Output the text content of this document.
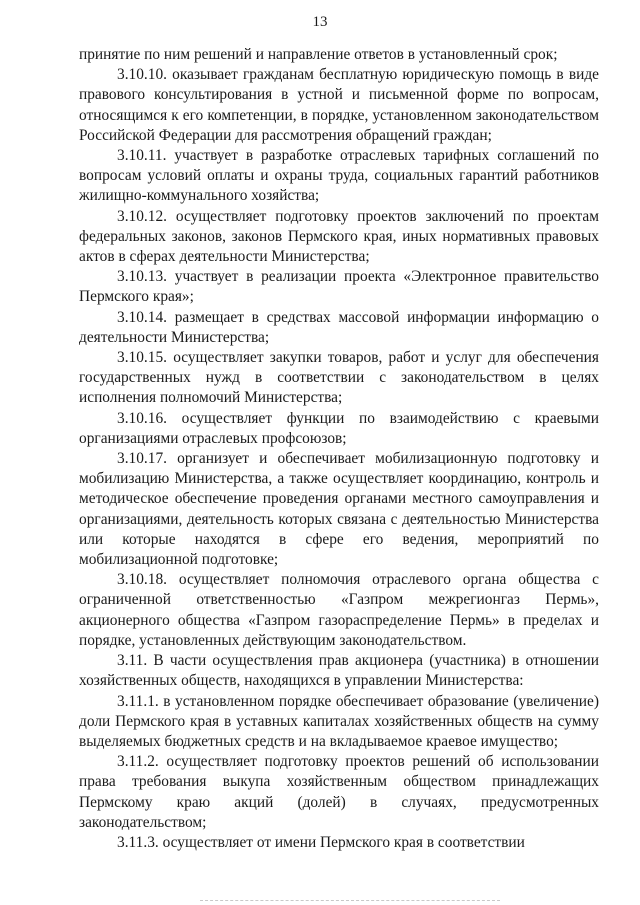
13

принятие по ним решений и направление ответов в установленный срок;

3.10.10. оказывает гражданам бесплатную юридическую помощь в виде правового консультирования в устной и письменной форме по вопросам, относящимся к его компетенции, в порядке, установленном законодательством Российской Федерации для рассмотрения обращений граждан;

3.10.11. участвует в разработке отраслевых тарифных соглашений по вопросам условий оплаты и охраны труда, социальных гарантий работников жилищно-коммунального хозяйства;

3.10.12. осуществляет подготовку проектов заключений по проектам федеральных законов, законов Пермского края, иных нормативных правовых актов в сферах деятельности Министерства;

3.10.13. участвует в реализации проекта «Электронное правительство Пермского края»;

3.10.14. размещает в средствах массовой информации информацию о деятельности Министерства;

3.10.15. осуществляет закупки товаров, работ и услуг для обеспечения государственных нужд в соответствии с законодательством в целях исполнения полномочий Министерства;

3.10.16. осуществляет функции по взаимодействию с краевыми организациями отраслевых профсоюзов;

3.10.17. организует и обеспечивает мобилизационную подготовку и мобилизацию Министерства, а также осуществляет координацию, контроль и методическое обеспечение проведения органами местного самоуправления и организациями, деятельность которых связана с деятельностью Министерства или которые находятся в сфере его ведения, мероприятий по мобилизационной подготовке;

3.10.18. осуществляет полномочия отраслевого органа общества с ограниченной ответственностью «Газпром межрегионгаз Пермь», акционерного общества «Газпром газораспределение Пермь» в пределах и порядке, установленных действующим законодательством.

3.11. В части осуществления прав акционера (участника) в отношении хозяйственных обществ, находящихся в управлении Министерства:

3.11.1. в установленном порядке обеспечивает образование (увеличение) доли Пермского края в уставных капиталах хозяйственных обществ на сумму выделяемых бюджетных средств и на вкладываемое краевое имущество;

3.11.2. осуществляет подготовку проектов решений об использовании права требования выкупа хозяйственным обществом принадлежащих Пермскому краю акций (долей) в случаях, предусмотренных законодательством;

3.11.3. осуществляет от имени Пермского края в соответствии
